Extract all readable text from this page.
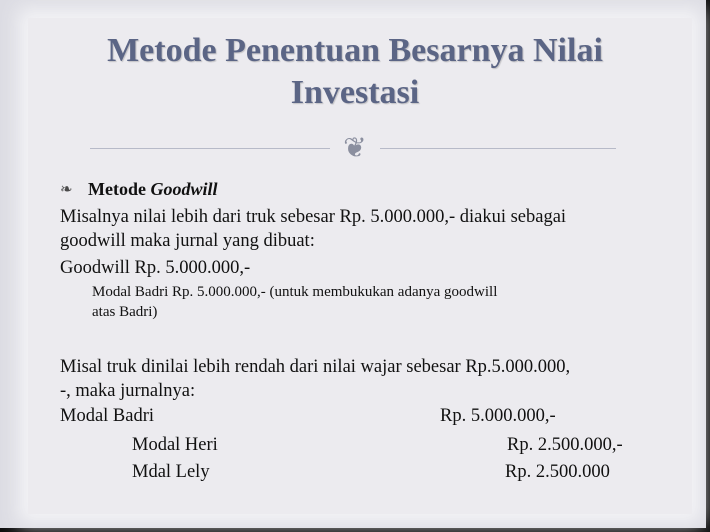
Metode Penentuan Besarnya Nilai
Investasi
❦
❧ Metode Goodwill
Misalnya nilai lebih dari truk sebesar Rp. 5.000.000,- diakui sebagai
goodwill maka jurnal yang dibuat:
Goodwill Rp. 5.000.000,-
Modal Badri Rp. 5.000.000,- (untuk membukukan adanya goodwill
atas Badri)
Misal truk dinilai lebih rendah dari nilai wajar sebesar Rp.5.000.000,
-, maka jurnalnya:
Modal Badri	Rp. 5.000.000,-
Modal Heri	Rp. 2.500.000,-
Mdal Lely	Rp. 2.500.000
